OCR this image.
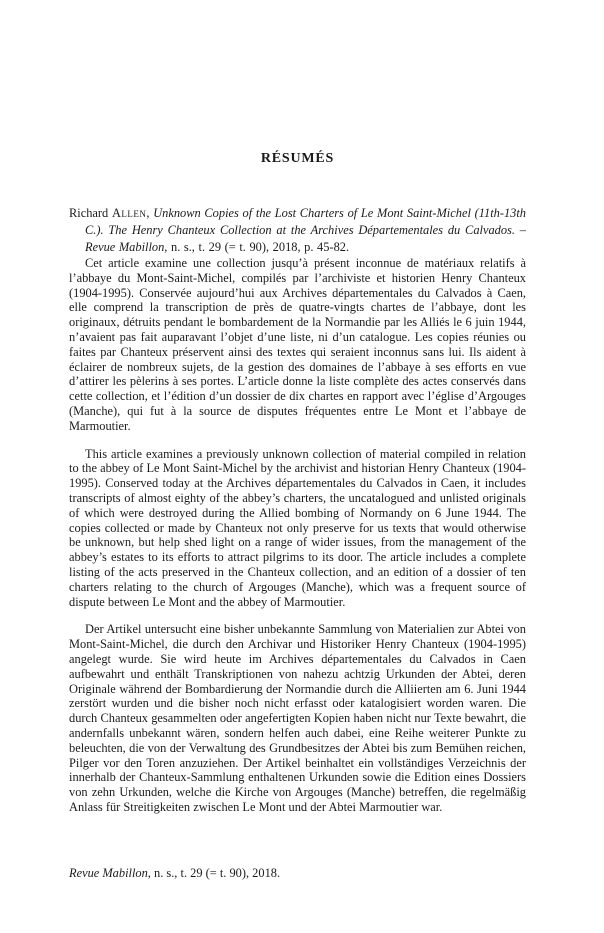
RÉSUMÉS

Richard Allen, Unknown Copies of the Lost Charters of Le Mont Saint-Michel (11th-13th C.). The Henry Chanteux Collection at the Archives Départementales du Calvados. – Revue Mabillon, n. s., t. 29 (= t. 90), 2018, p. 45-82.

Cet article examine une collection jusqu’à présent inconnue de matériaux relatifs à l’abbaye du Mont-Saint-Michel, compilés par l’archiviste et historien Henry Chanteux (1904-1995). Conservée aujourd’hui aux Archives départementales du Calvados à Caen, elle comprend la transcription de près de quatre-vingts chartes de l’abbaye, dont les originaux, détruits pendant le bombardement de la Normandie par les Alliés le 6 juin 1944, n’avaient pas fait auparavant l’objet d’une liste, ni d’un catalogue. Les copies réunies ou faites par Chanteux préservent ainsi des textes qui seraient inconnus sans lui. Ils aident à éclairer de nombreux sujets, de la gestion des domaines de l’abbaye à ses efforts en vue d’attirer les pèlerins à ses portes. L’article donne la liste complète des actes conservés dans cette collection, et l’édition d’un dossier de dix chartes en rapport avec l’église d’Argouges (Manche), qui fut à la source de disputes fréquentes entre Le Mont et l’abbaye de Marmoutier.

This article examines a previously unknown collection of material compiled in relation to the abbey of Le Mont Saint-Michel by the archivist and historian Henry Chanteux (1904-1995). Conserved today at the Archives départementales du Calvados in Caen, it includes transcripts of almost eighty of the abbey’s charters, the uncatalogued and unlisted originals of which were destroyed during the Allied bombing of Normandy on 6 June 1944. The copies collected or made by Chanteux not only preserve for us texts that would otherwise be unknown, but help shed light on a range of wider issues, from the management of the abbey’s estates to its efforts to attract pilgrims to its door. The article includes a complete listing of the acts preserved in the Chanteux collection, and an edition of a dossier of ten charters relating to the church of Argouges (Manche), which was a frequent source of dispute between Le Mont and the abbey of Marmoutier.

Der Artikel untersucht eine bisher unbekannte Sammlung von Materialien zur Abtei von Mont-Saint-Michel, die durch den Archivar und Historiker Henry Chanteux (1904-1995) angelegt wurde. Sie wird heute im Archives départementales du Calvados in Caen aufbewahrt und enthält Transkriptionen von nahezu achtzig Urkunden der Abtei, deren Originale während der Bombardierung der Normandie durch die Alliierten am 6. Juni 1944 zerstört wurden und die bisher noch nicht erfasst oder katalogisiert worden waren. Die durch Chanteux gesammelten oder angefertigten Kopien haben nicht nur Texte bewahrt, die andernfalls unbekannt wären, sondern helfen auch dabei, eine Reihe weiterer Punkte zu beleuchten, die von der Verwaltung des Grundbesitzes der Abtei bis zum Bemühen reichen, Pilger vor den Toren anzuziehen. Der Artikel beinhaltet ein vollständiges Verzeichnis der innerhalb der Chanteux-Sammlung enthaltenen Urkunden sowie die Edition eines Dossiers von zehn Urkunden, welche die Kirche von Argouges (Manche) betreffen, die regelmäßig Anlass für Streitigkeiten zwischen Le Mont und der Abtei Marmoutier war.

Revue Mabillon, n. s., t. 29 (= t. 90), 2018.
